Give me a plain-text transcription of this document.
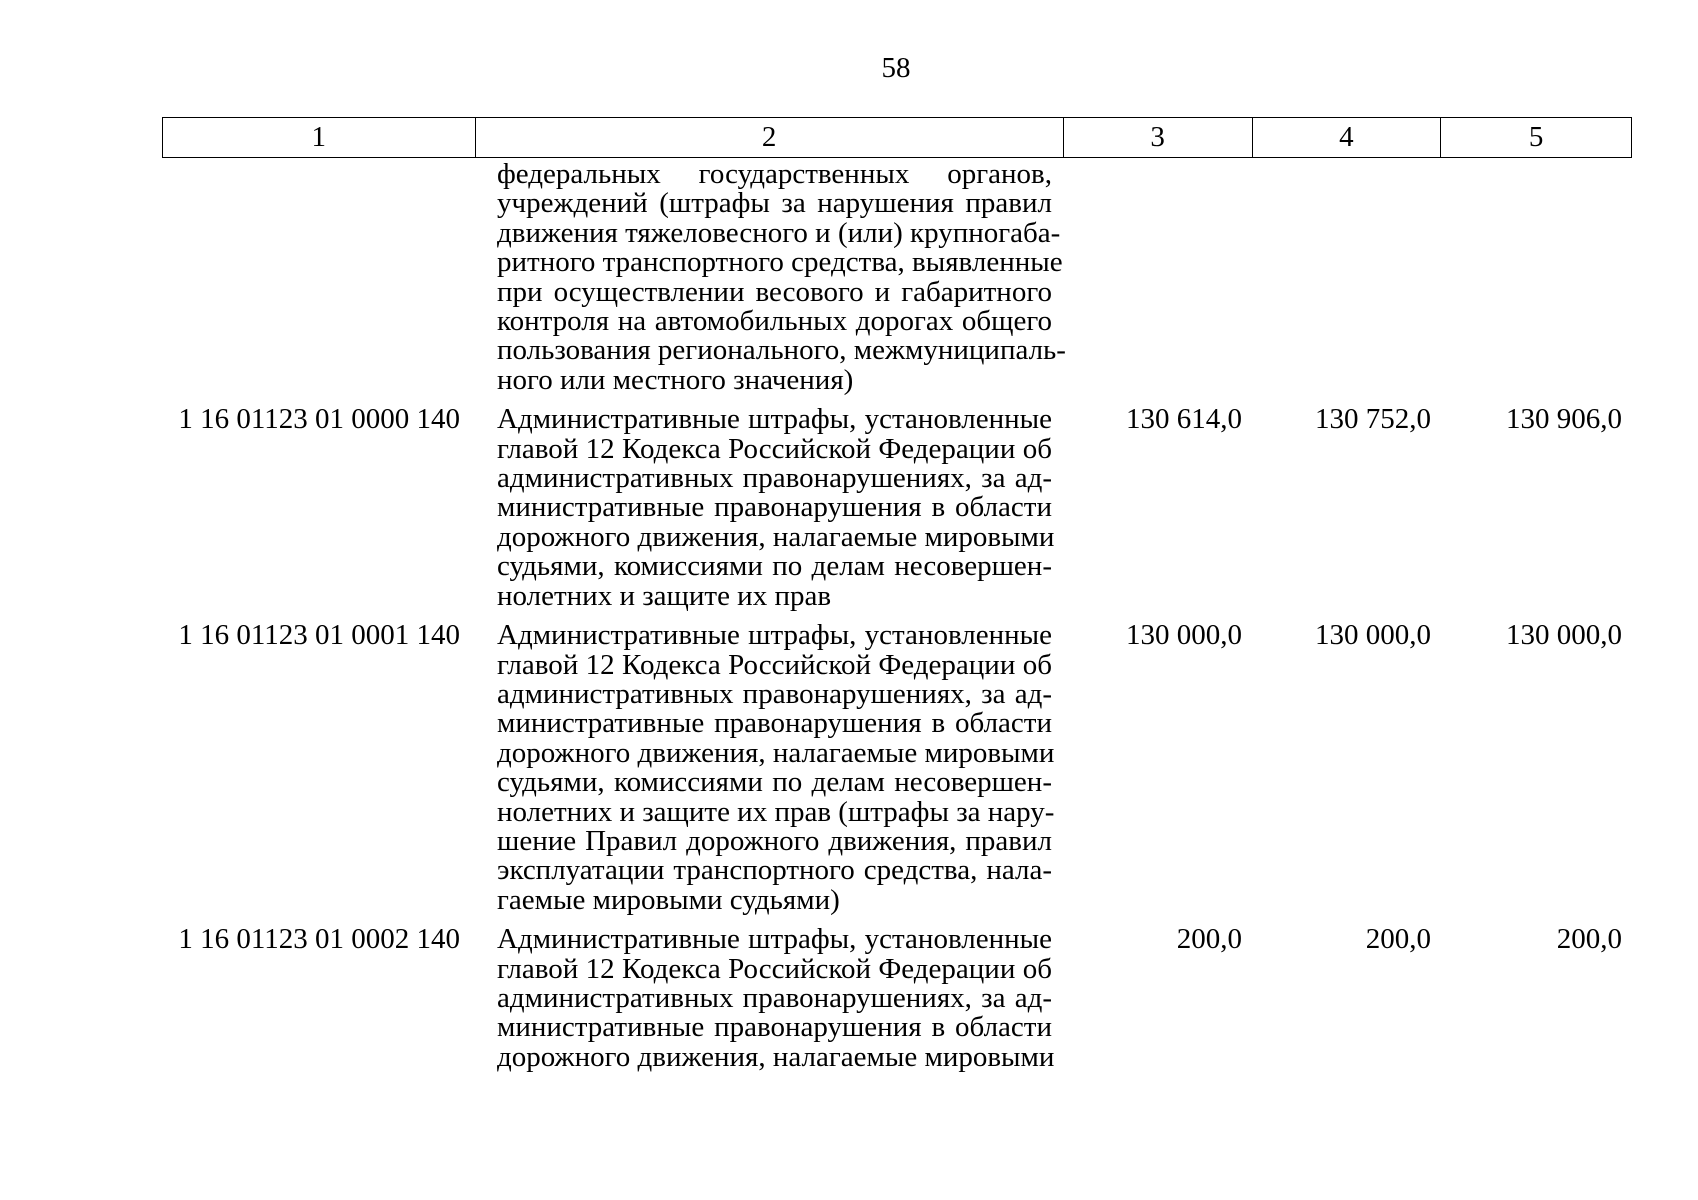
58
1	2	3	4	5
федеральных государственных органов,
учреждений (штрафы за нарушения правил
движения тяжеловесного и (или) крупногаба-
ритного транспортного средства, выявленные
при осуществлении весового и габаритного
контроля на автомобильных дорогах общего
пользования регионального, межмуниципаль-
ного или местного значения)
1 16 01123 01 0000 140	Административные штрафы, установленные
главой 12 Кодекса Российской Федерации об
административных правонарушениях, за ад-
министративные правонарушения в области
дорожного движения, налагаемые мировыми
судьями, комиссиями по делам несовершен-
нолетних и защите их прав
130 614,0	130 752,0	130 906,0
1 16 01123 01 0001 140	Административные штрафы, установленные
главой 12 Кодекса Российской Федерации об
административных правонарушениях, за ад-
министративные правонарушения в области
дорожного движения, налагаемые мировыми
судьями, комиссиями по делам несовершен-
нолетних и защите их прав (штрафы за нару-
шение Правил дорожного движения, правил
эксплуатации транспортного средства, нала-
гаемые мировыми судьями)
130 000,0	130 000,0	130 000,0
1 16 01123 01 0002 140	Административные штрафы, установленные
главой 12 Кодекса Российской Федерации об
административных правонарушениях, за ад-
министративные правонарушения в области
дорожного движения, налагаемые мировыми
200,0	200,0	200,0
